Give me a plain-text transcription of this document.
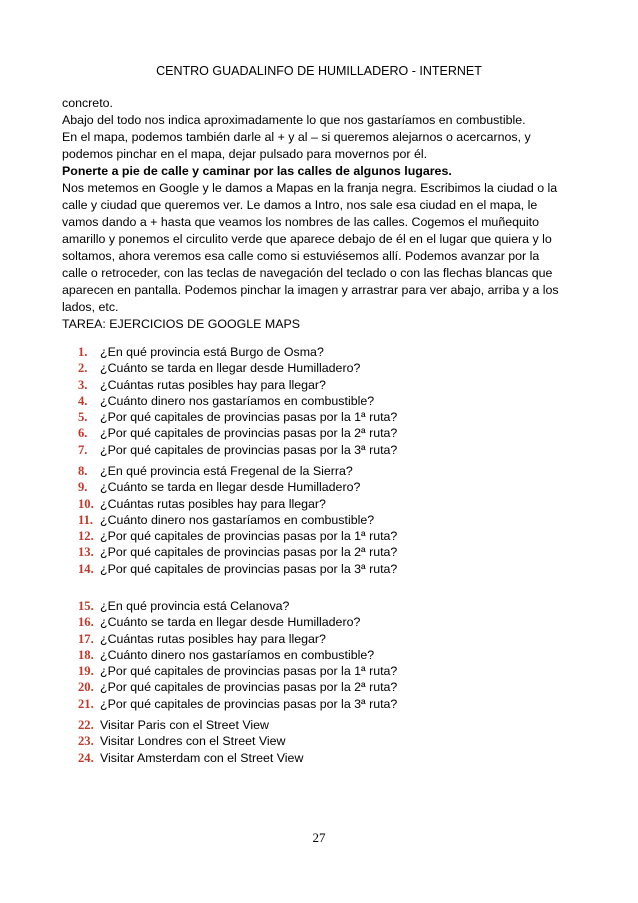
CENTRO GUADALINFO DE HUMILLADERO - INTERNET

concreto.
Abajo del todo nos indica aproximadamente lo que nos gastaríamos en combustible.
En el mapa, podemos también darle al + y al – si queremos alejarnos o acercarnos, y
podemos pinchar en el mapa, dejar pulsado para movernos por él.

Ponerte a pie de calle y caminar por las calles de algunos lugares.
Nos metemos en Google y le damos a Mapas en la franja negra. Escribimos la ciudad o la
calle y ciudad que queremos ver. Le damos a Intro, nos sale esa ciudad en el mapa, le
vamos dando a + hasta que veamos los nombres de las calles. Cogemos el muñequito
amarillo y ponemos el circulito verde que aparece debajo de él en el lugar que quiera y lo
soltamos, ahora veremos esa calle como si estuviésemos allí. Podemos avanzar por la
calle o retroceder, con las teclas de navegación del teclado o con las flechas blancas que
aparecen en pantalla. Podemos pinchar la imagen y arrastrar para ver abajo, arriba y a los
lados, etc.

TAREA: EJERCICIOS DE GOOGLE MAPS
1. ¿En qué provincia está Burgo de Osma?
2. ¿Cuánto se tarda en llegar desde Humilladero?
3. ¿Cuántas rutas posibles hay para llegar?
4. ¿Cuánto dinero nos gastaríamos en combustible?
5. ¿Por qué capitales de provincias pasas por la 1ª ruta?
6. ¿Por qué capitales de provincias pasas por la 2ª ruta?
7. ¿Por qué capitales de provincias pasas por la 3ª ruta?
8. ¿En qué provincia está Fregenal de la Sierra?
9. ¿Cuánto se tarda en llegar desde Humilladero?
10. ¿Cuántas rutas posibles hay para llegar?
11. ¿Cuánto dinero nos gastaríamos en combustible?
12. ¿Por qué capitales de provincias pasas por la 1ª ruta?
13. ¿Por qué capitales de provincias pasas por la 2ª ruta?
14. ¿Por qué capitales de provincias pasas por la 3ª ruta?
15. ¿En qué provincia está Celanova?
16. ¿Cuánto se tarda en llegar desde Humilladero?
17. ¿Cuántas rutas posibles hay para llegar?
18. ¿Cuánto dinero nos gastaríamos en combustible?
19. ¿Por qué capitales de provincias pasas por la 1ª ruta?
20. ¿Por qué capitales de provincias pasas por la 2ª ruta?
21. ¿Por qué capitales de provincias pasas por la 3ª ruta?
22. Visitar Paris con el Street View
23. Visitar Londres con el Street View
24. Visitar Amsterdam con el Street View
27
